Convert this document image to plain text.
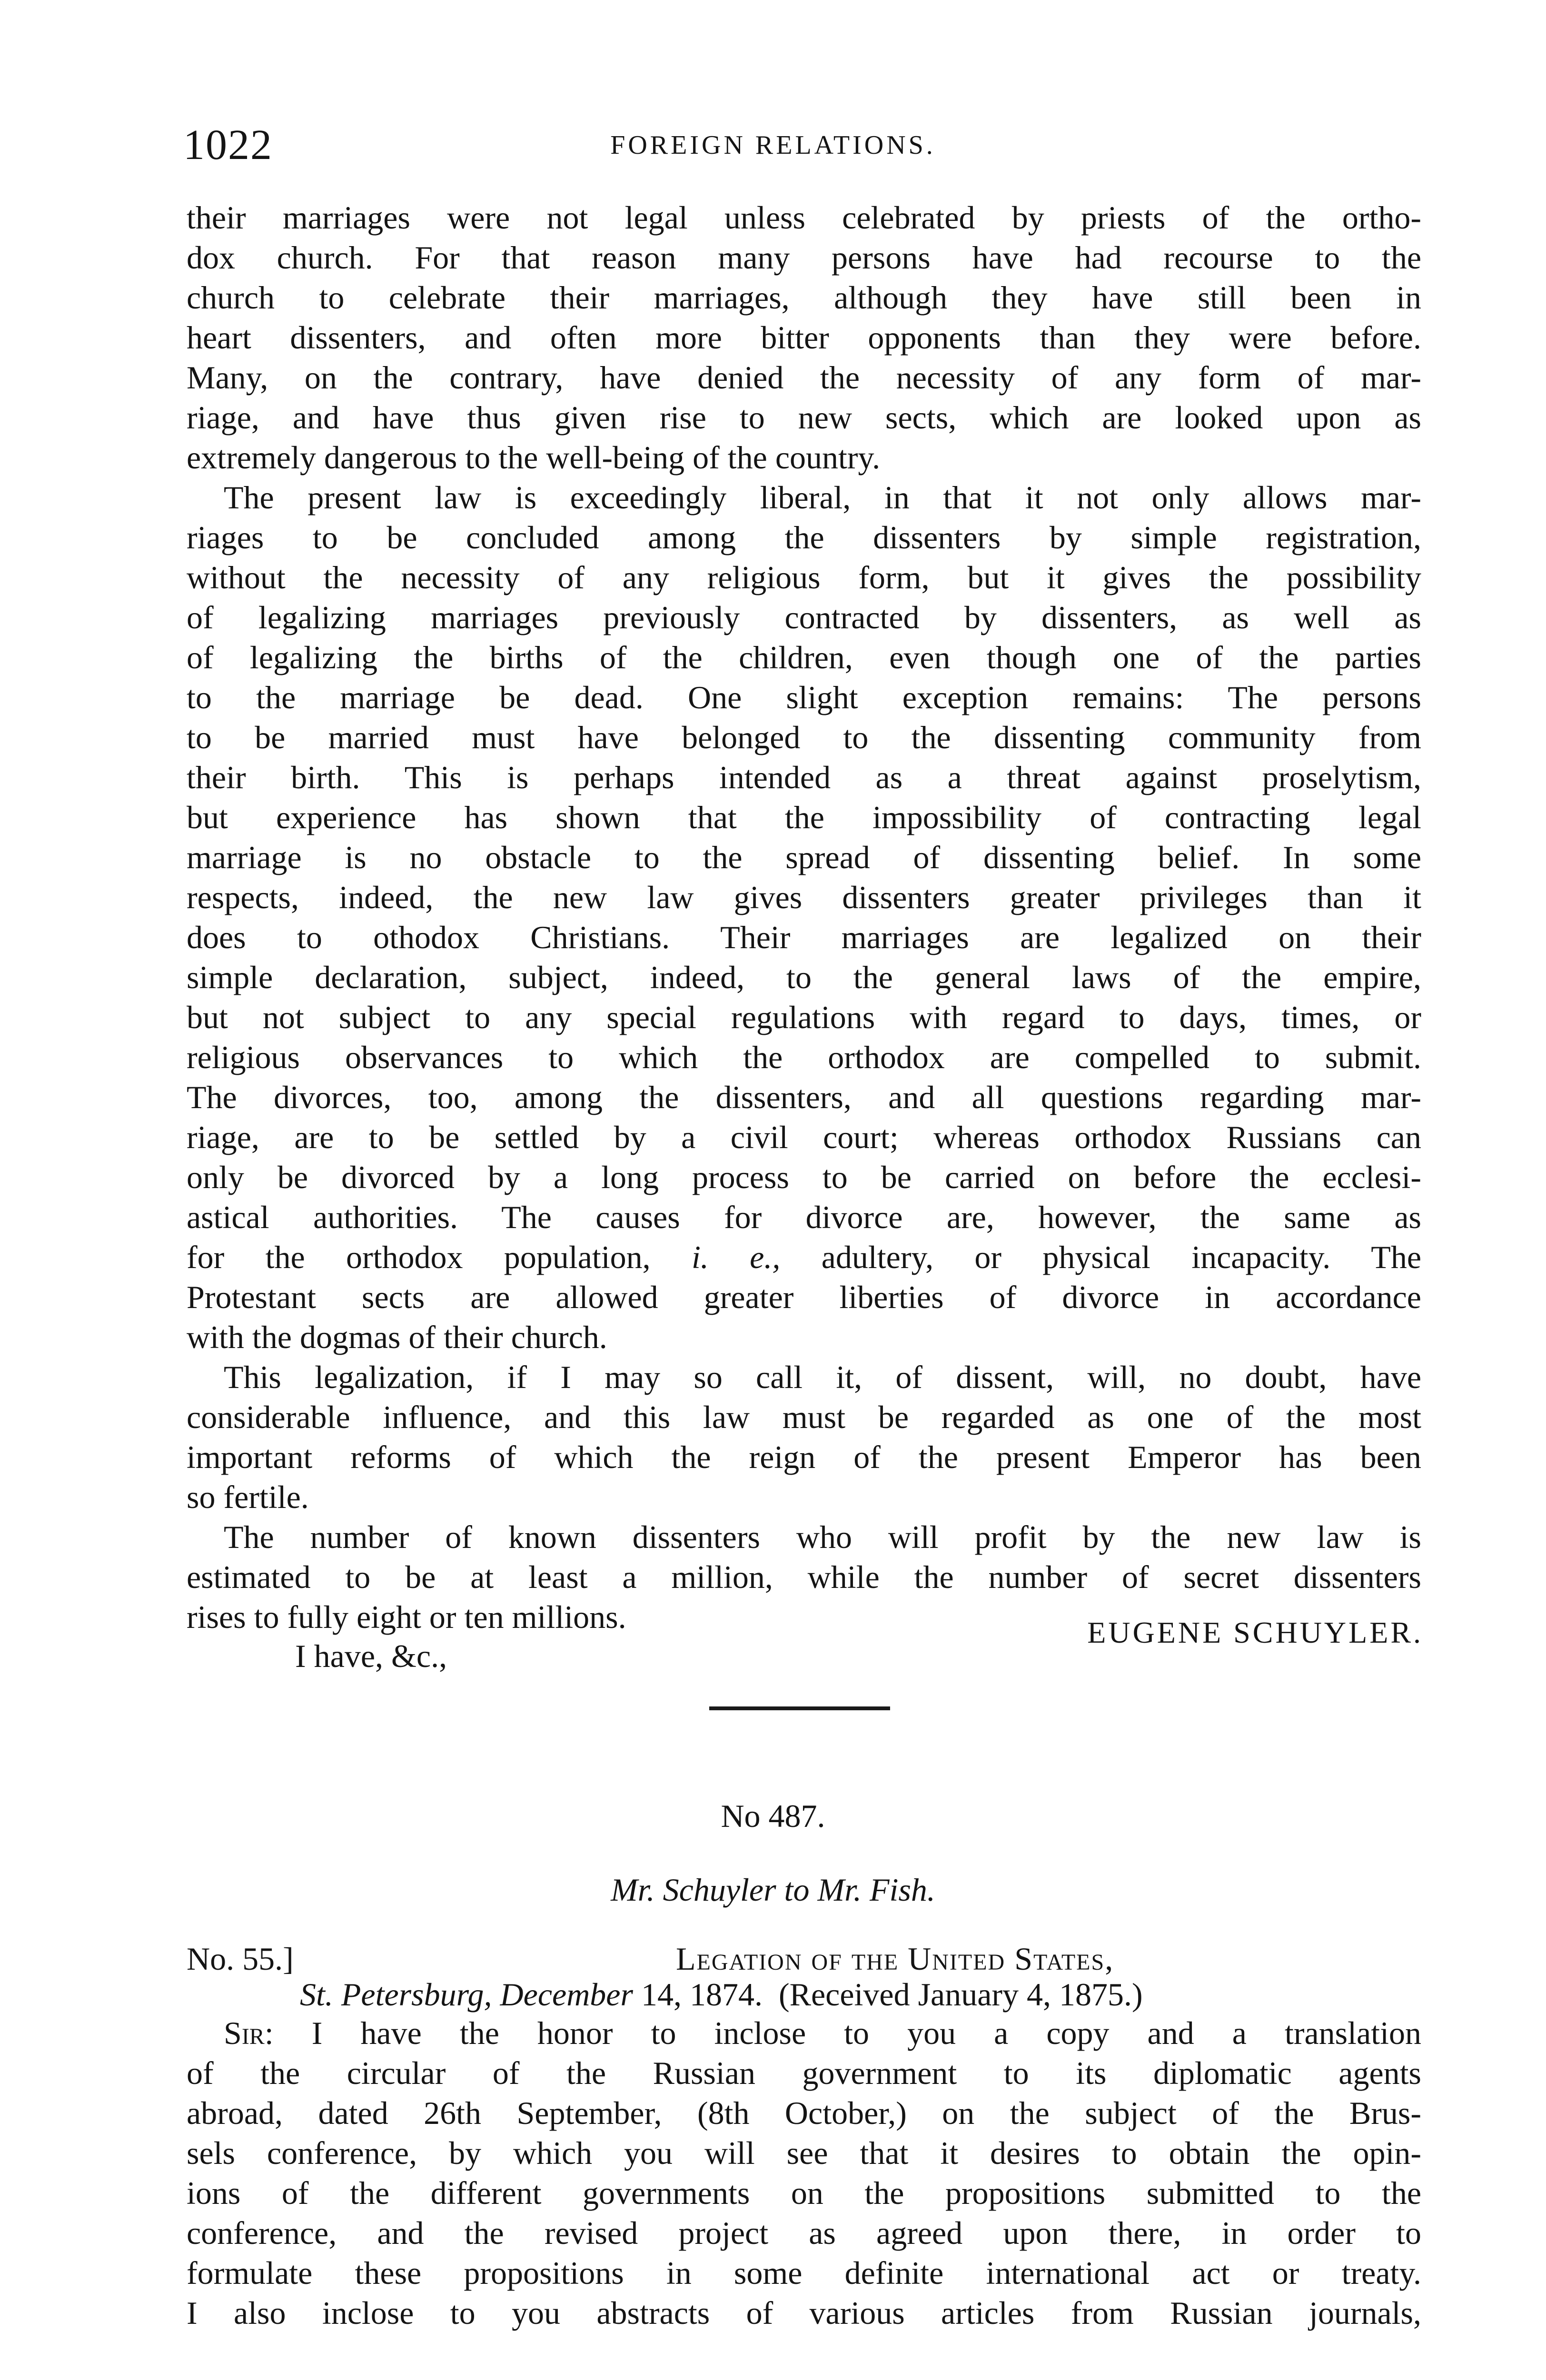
1022	FOREIGN RELATIONS.
their marriages were not legal unless celebrated by priests of the ortho-
dox church. For that reason many persons have had recourse to the
church to celebrate their marriages, although they have still been in
heart dissenters, and often more bitter opponents than they were before.
Many, on the contrary, have denied the necessity of any form of mar-
riage, and have thus given rise to new sects, which are looked upon as
extremely dangerous to the well-being of the country.
The present law is exceedingly liberal, in that it not only allows mar-
riages to be concluded among the dissenters by simple registration,
without the necessity of any religious form, but it gives the possibility
of legalizing marriages previously contracted by dissenters, as well as
of legalizing the births of the children, even though one of the parties
to the marriage be dead. One slight exception remains: The persons
to be married must have belonged to the dissenting community from
their birth. This is perhaps intended as a threat against proselytism,
but experience has shown that the impossibility of contracting legal
marriage is no obstacle to the spread of dissenting belief. In some
respects, indeed, the new law gives dissenters greater privileges than it
does to othodox Christians. Their marriages are legalized on their
simple declaration, subject, indeed, to the general laws of the empire,
but not subject to any special regulations with regard to days, times, or
religious observances to which the orthodox are compelled to submit.
The divorces, too, among the dissenters, and all questions regarding mar-
riage, are to be settled by a civil court; whereas orthodox Russians can
only be divorced by a long process to be carried on before the ecclesi-
astical authorities. The causes for divorce are, however, the same as
for the orthodox population, i. e., adultery, or physical incapacity. The
Protestant sects are allowed greater liberties of divorce in accordance
with the dogmas of their church.
This legalization, if I may so call it, of dissent, will, no doubt, have
considerable influence, and this law must be regarded as one of the most
important reforms of which the reign of the present Emperor has been
so fertile.
The number of known dissenters who will profit by the new law is
estimated to be at least a million, while the number of secret dissenters
rises to fully eight or ten millions.
I have, &c.,
EUGENE SCHUYLER.
No 487.
Mr. Schuyler to Mr. Fish.
No. 55.]	Legation of the United States,
St. Petersburg, December 14, 1874. (Received January 4, 1875.)
Sir: I have the honor to inclose to you a copy and a translation
of the circular of the Russian government to its diplomatic agents
abroad, dated 26th September, (8th October,) on the subject of the Brus-
sels conference, by which you will see that it desires to obtain the opin-
ions of the different governments on the propositions submitted to the
conference, and the revised project as agreed upon there, in order to
formulate these propositions in some definite international act or treaty.
I also inclose to you abstracts of various articles from Russian journals,
